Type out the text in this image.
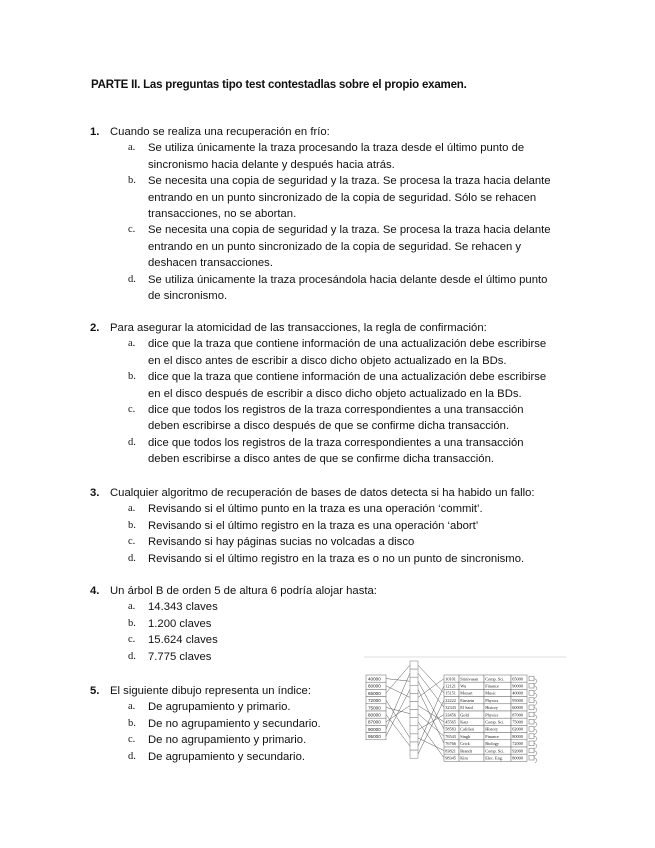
PARTE II. Las preguntas tipo test contestadlas sobre el propio examen.
1. Cuando se realiza una recuperación en frío:
a.	Se utiliza únicamente la traza procesando la traza desde el último punto de
sincronismo hacia delante y después hacia atrás.
b.	Se necesita una copia de seguridad y la traza. Se procesa la traza hacia delante
entrando en un punto sincronizado de la copia de seguridad. Sólo se rehacen
transacciones, no se abortan.
c.	Se necesita una copia de seguridad y la traza. Se procesa la traza hacia delante
entrando en un punto sincronizado de la copia de seguridad. Se rehacen y
deshacen transacciones.
d.	Se utiliza únicamente la traza procesándola hacia delante desde el último punto
de sincronismo.
2. Para asegurar la atomicidad de las transacciones, la regla de confirmación:
a.	dice que la traza que contiene información de una actualización debe escribirse
en el disco antes de escribir a disco dicho objeto actualizado en la BDs.
b.	dice que la traza que contiene información de una actualización debe escribirse
en el disco después de escribir a disco dicho objeto actualizado en la BDs.
c.	dice que todos los registros de la traza correspondientes a una transacción
deben escribirse a disco después de que se confirme dicha transacción.
d.	dice que todos los registros de la traza correspondientes a una transacción
deben escribirse a disco antes de que se confirme dicha transacción.
3. Cualquier algoritmo de recuperación de bases de datos detecta si ha habido un fallo:
a.	Revisando si el último punto en la traza es una operación ‘commit’.
b.	Revisando si el último registro en la traza es una operación ‘abort’
c.	Revisando si hay páginas sucias no volcadas a disco
d.	Revisando si el último registro en la traza es o no un punto de sincronismo.
4. Un árbol B de orden 5 de altura 6 podría alojar hasta:
a.	14.343 claves
b.	1.200 claves
c.	15.624 claves
d.	7.775 claves
5. El siguiente dibujo representa un índice:
a.	De agrupamiento y primario.
b.	De no agrupamiento y secundario.
c.	De no agrupamiento y primario.
d.	De agrupamiento y secundario.
40000
60000
65000
72000
75000
80000
87000
90000
95000
10101 Srinivasan Comp. Sci. 65000
12121 Wu	Finance	90000
15151 Mozart	Music	40000
22222 Einstein	Physics	95000
32343 El Said	History	60000
33456 Gold	Physics	87000
45565 Katz	Comp. Sci. 75000
58583 Califieri History	62000
76543 Singh	Finance	80000
76766 Crick	Biology	72000
83821 Brandt	Comp. Sci. 92000
98345 Kim	Elec. Eng. 80000
